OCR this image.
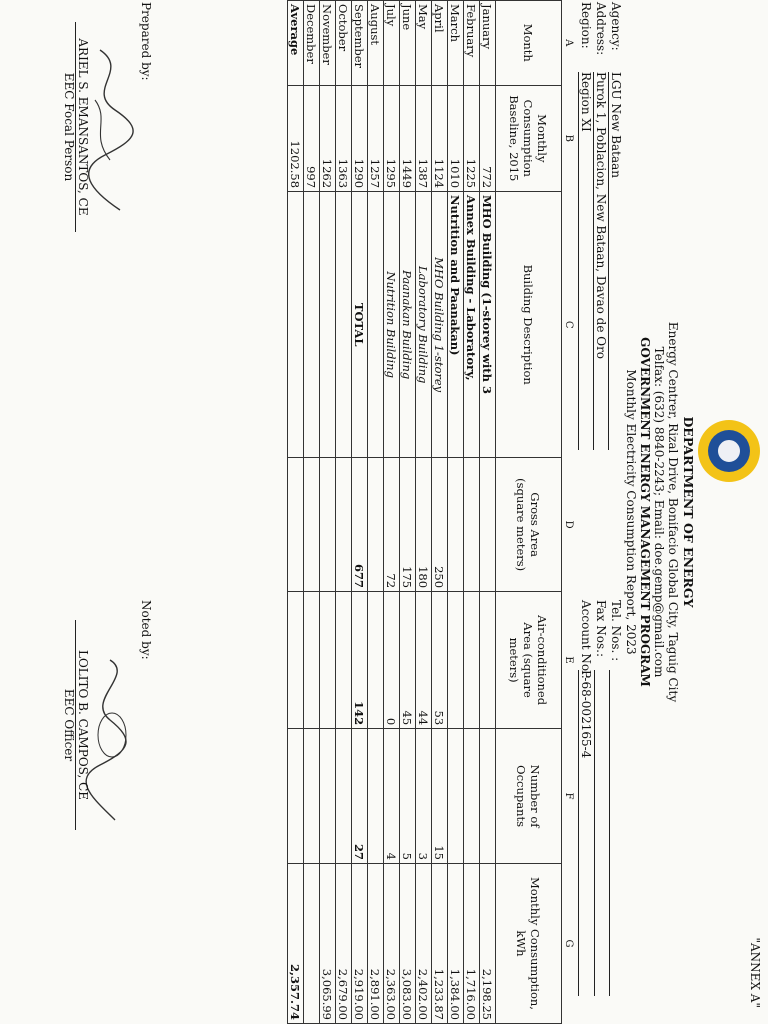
"ANNEX A"
DEPARTMENT OF ENERGY
Energy Centrer, Rizal Drive, Bonifacio Global City, Taguig City
Telfax: (632) 8840-2243; Email: doe.gemp@gmail.com
GOVERNMENT ENERGY MANAGEMENT PROGRAM
Monthly Electricity Consumption Report, 2023
Agency:
LGU New Bataan
Address:
Purok 1, Poblacion, New Bataan, Davao de Oro
Region:
Region XI
Tel. Nos. :
Fax Nos.:
Account No.:
P-68-002165-4
A	B	C	D	E	F	G
Month	Monthly
Consumption
Baseline, 2015	Building Description	Gross Area
(square meters)	Air-conditioned
Area (square
meters)	Number of
Occupants	Monthly Consumption,
kWh
January	772	MHO Building (1-storey with 3				2,198.25
February	1225	Annex Building - Laboratory,				1,716.00
March	1010	Nutrition and Paanakan)				1,384.00
April	1124	MHO Building 1-storey	250	53	15	1,233.87
May	1387	Laboratory Building	180	44	3	2,402.00
June	1449	Paanakan Building	175	45	5	3,083.00
July	1295	Nutrition Building	72	0	4	2,363.00
August	1257					2,891.00
September	1290	TOTAL	677	142	27	2,919.00
October	1363					2,679.00
November	1262					3,065.99
December	997					
Average	1202.58					2,357.74
Prepared by:
ARIEL S. EMANSANTOS, CE
EEC Focal Person
Noted by:
LOLITO B. CAMPOS, CE
EEC Officer
